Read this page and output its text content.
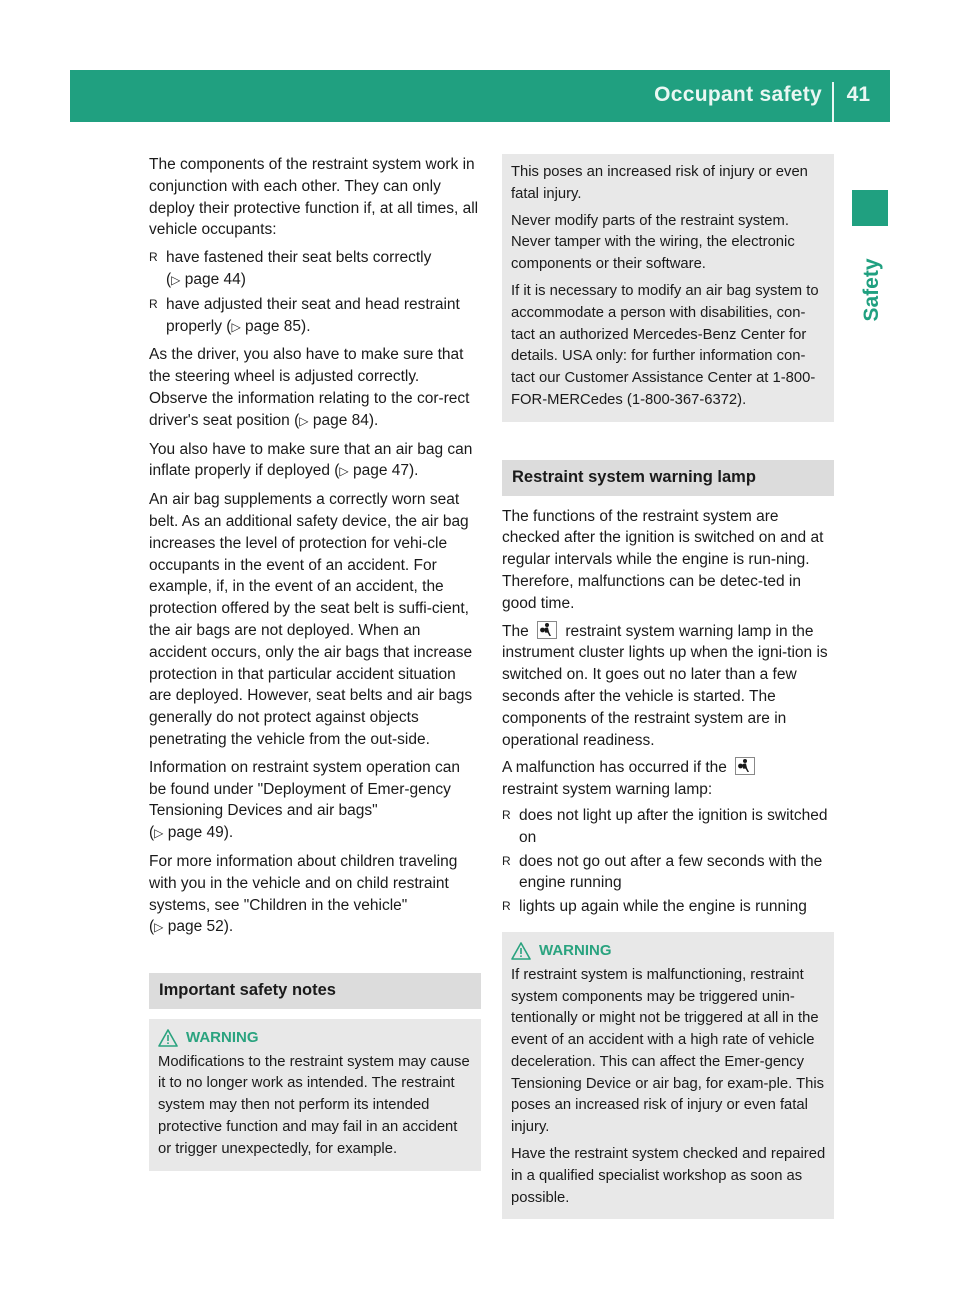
Occupant safety 41
Safety

The components of the restraint system work in conjunction with each other. They can only deploy their protective function if, at all times, all vehicle occupants:

R have fastened their seat belts correctly
(▷ page 44)
R have adjusted their seat and head restraint properly (▷ page 85).

As the driver, you also have to make sure that the steering wheel is adjusted correctly.

Observe the information relating to the cor-rect driver's seat position (▷ page 84).

You also have to make sure that an air bag can inflate properly if deployed (▷ page 47).

An air bag supplements a correctly worn seat belt. As an additional safety device, the air bag increases the level of protection for vehi-cle occupants in the event of an accident. For example, if, in the event of an accident, the protection offered by the seat belt is suffi-cient, the air bags are not deployed. When an accident occurs, only the air bags that increase protection in that particular accident situation are deployed. However, seat belts and air bags generally do not protect against objects penetrating the vehicle from the out-side.

Information on restraint system operation can be found under "Deployment of Emer-gency Tensioning Devices and air bags"
(▷ page 49).

For more information about children traveling with you in the vehicle and on child restraint systems, see "Children in the vehicle"
(▷ page 52).

Important safety notes
WARNING

Modifications to the restraint system may cause it to no longer work as intended. The restraint system may then not perform its intended protective function and may fail in an accident or trigger unexpectedly, for example.

This poses an increased risk of injury or even fatal injury.

Never modify parts of the restraint system. Never tamper with the wiring, the electronic components or their software.

If it is necessary to modify an air bag system to accommodate a person with disabilities, con-tact an authorized Mercedes-Benz Center for details. USA only: for further information con-tact our Customer Assistance Center at 1-800-FOR-MERCedes (1-800-367-6372).

Restraint system warning lamp

The functions of the restraint system are checked after the ignition is switched on and at regular intervals while the engine is run-ning. Therefore, malfunctions can be detec-ted in good time.

The restraint system warning lamp in the instrument cluster lights up when the igni-tion is switched on. It goes out no later than a few seconds after the vehicle is started. The components of the restraint system are in operational readiness.

A malfunction has occurred if the

restraint system warning lamp:

R does not light up after the ignition is switched on
R does not go out after a few seconds with the engine running
R lights up again while the engine is running
WARNING

If restraint system is malfunctioning, restraint system components may be triggered unin-tentionally or might not be triggered at all in the event of an accident with a high rate of vehicle deceleration. This can affect the Emer-gency Tensioning Device or air bag, for exam-ple. This poses an increased risk of injury or even fatal injury.

Have the restraint system checked and repaired in a qualified specialist workshop as soon as possible.
